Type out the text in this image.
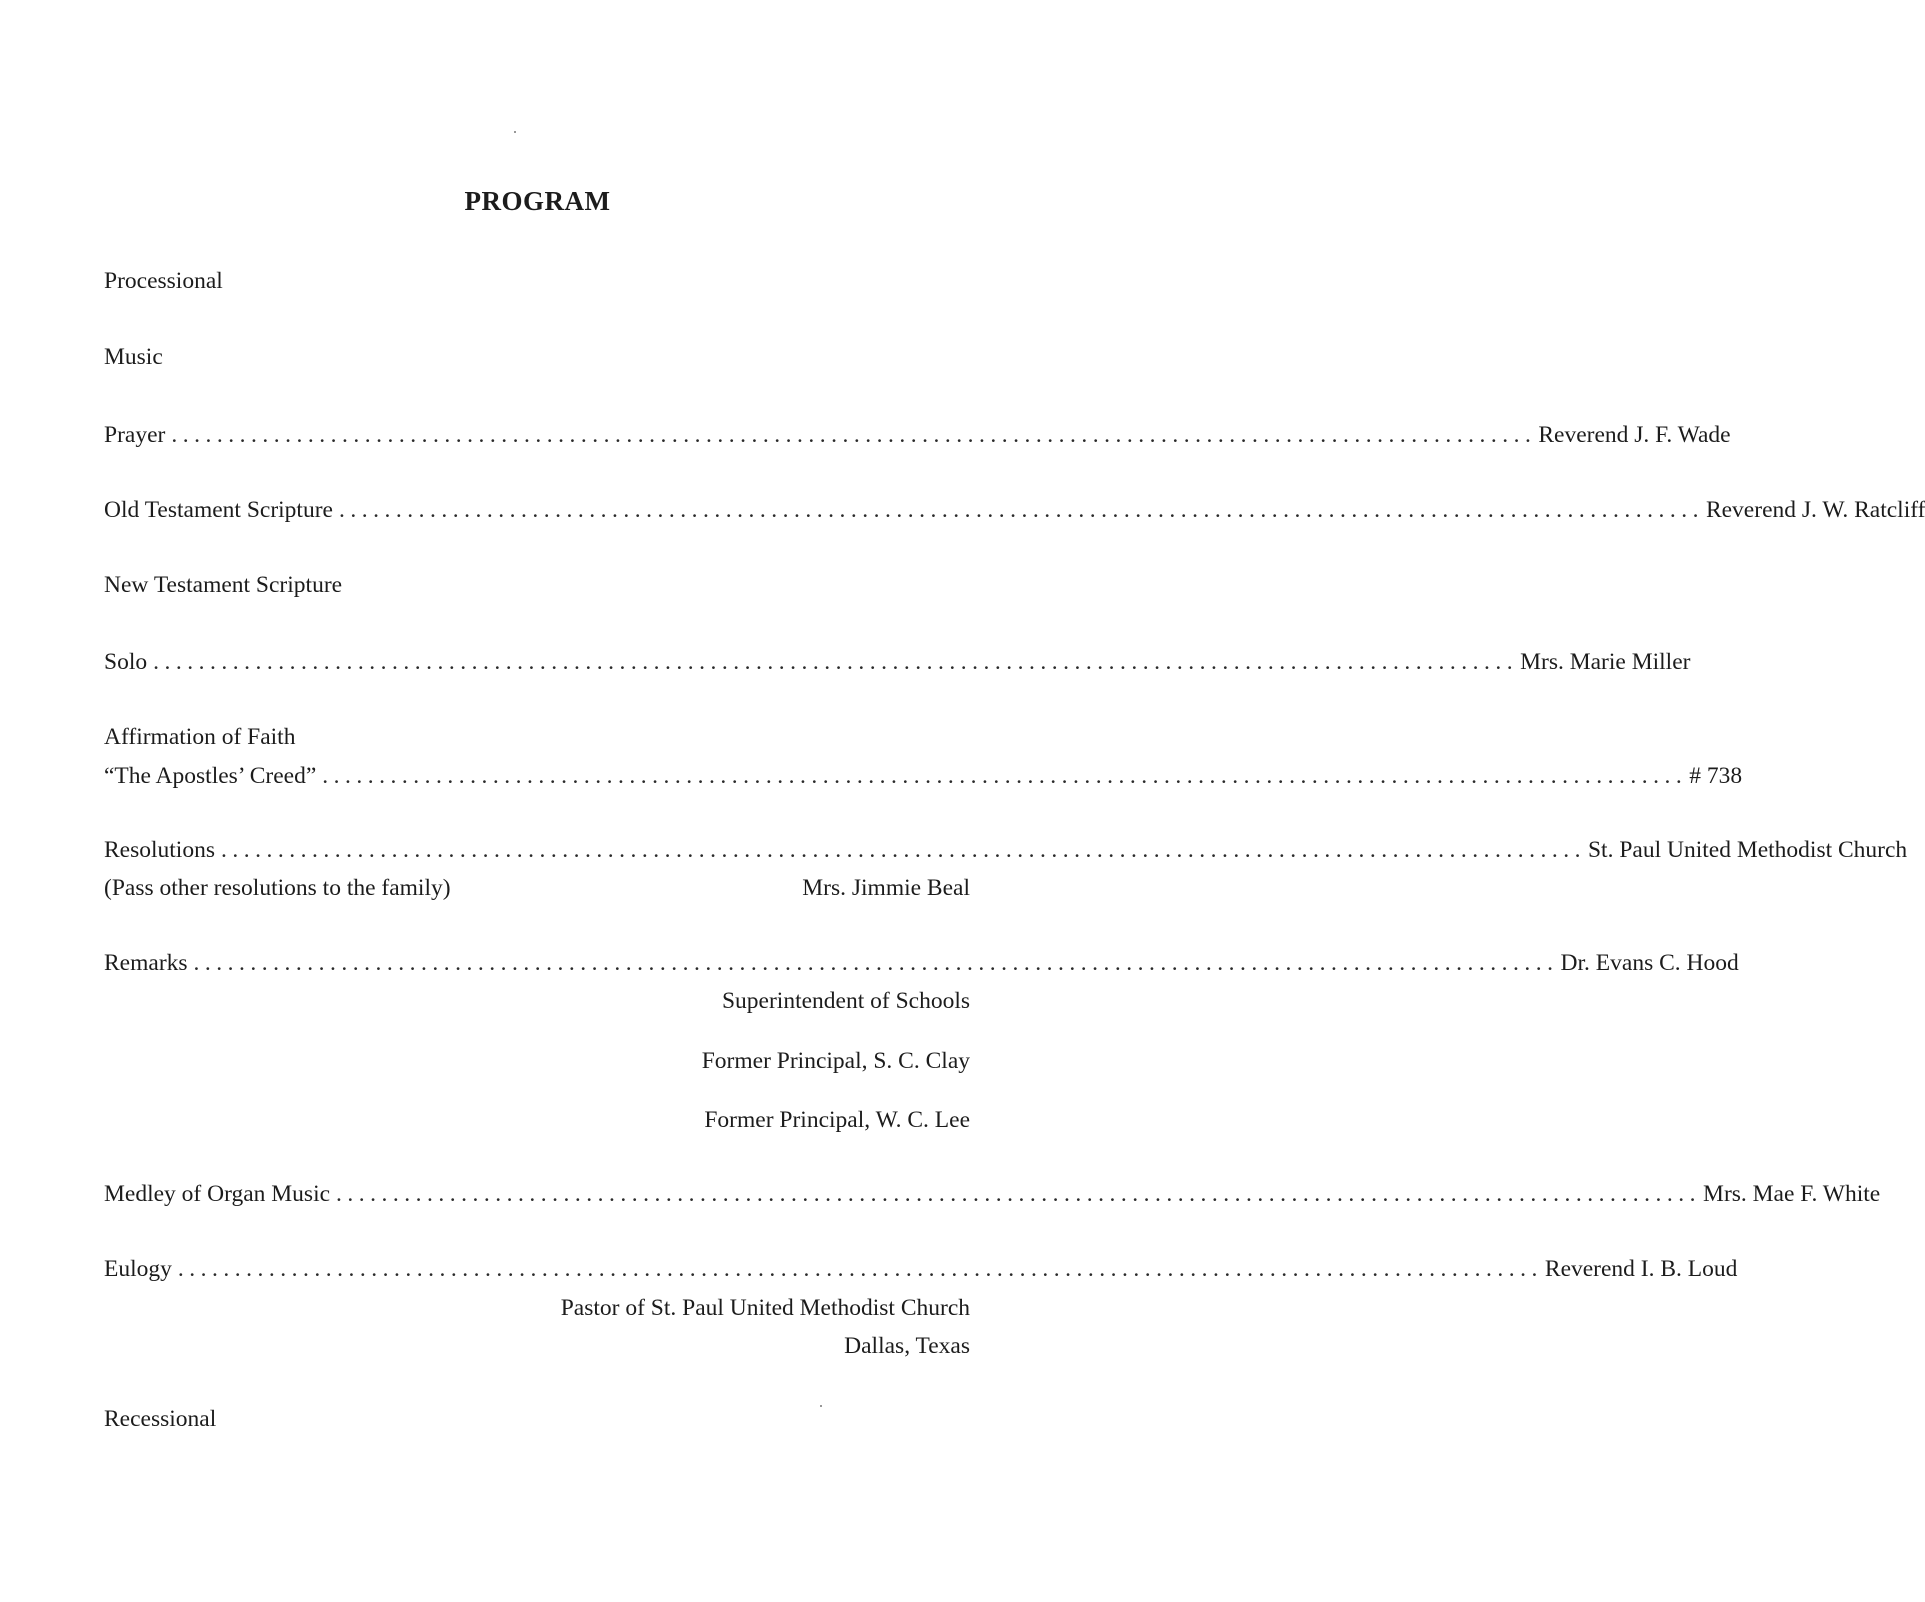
PROGRAM
Processional
Music
Prayer ........................................................................................................................ Reverend J. F. Wade
Old Testament Scripture ........................................................................................................................ Reverend J. W. Ratcliff
New Testament Scripture
Solo ........................................................................................................................ Mrs. Marie Miller
Affirmation of Faith
“The Apostles’ Creed” ........................................................................................................................ # 738
Resolutions ........................................................................................................................ St. Paul United Methodist Church
(Pass other resolutions to the family)	Mrs. Jimmie Beal
Remarks ........................................................................................................................ Dr. Evans C. Hood
Superintendent of Schools
Former Principal, S. C. Clay
Former Principal, W. C. Lee
Medley of Organ Music ........................................................................................................................ Mrs. Mae F. White
Eulogy ........................................................................................................................ Reverend I. B. Loud
Pastor of St. Paul United Methodist Church
Dallas, Texas
Recessional
